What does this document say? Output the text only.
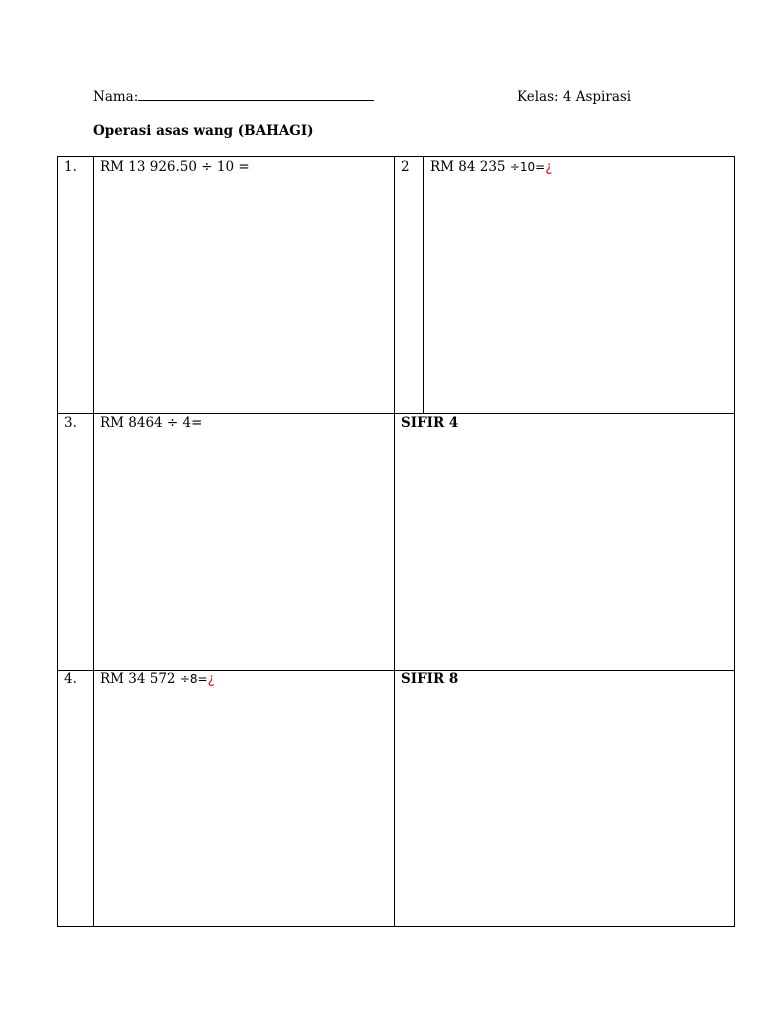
Nama:	Kelas: 4 Aspirasi
Operasi asas wang (BAHAGI)
1. RM 13 926.50 ÷ 10 =	2 RM 84 235 ÷10=¿
3. RM 8464 ÷ 4=	SIFIR 4
4. RM 34 572 ÷8=¿	SIFIR 8
